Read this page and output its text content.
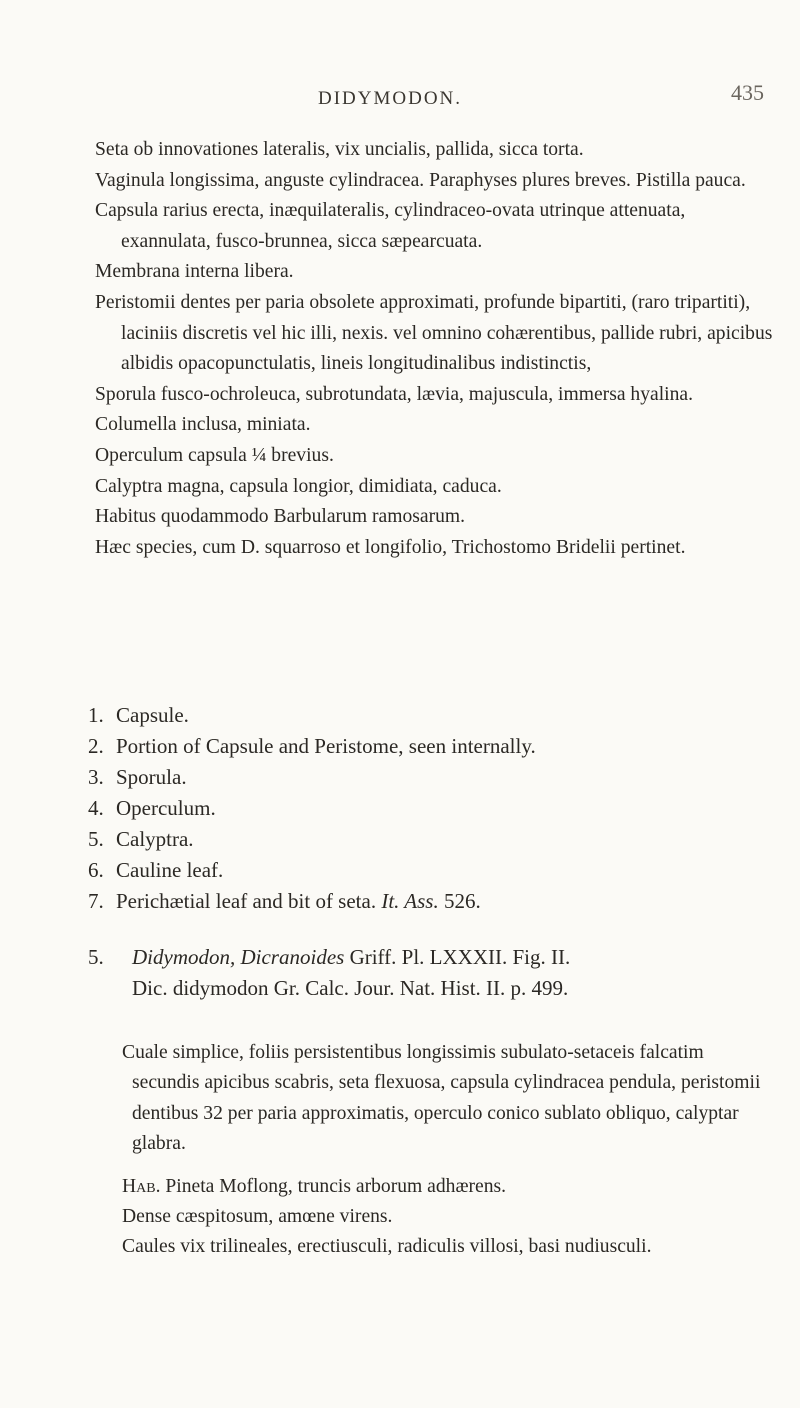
DIDYMODON.	435

Seta ob innovationes lateralis, vix uncialis, pallida, sicca torta.

Vaginula longissima, anguste cylindracea. Paraphyses plures breves. Pistilla pauca.

Capsula rarius erecta, inæquilateralis, cylindraceo-ovata utrinque attenuata, exannulata, fusco-brunnea, sicca sæpearcuata.

Membrana interna libera.

Peristomii dentes per paria obsolete approximati, profunde bipartiti, (raro tripartiti), laciniis discretis vel hic illi, nexis. vel omnino cohærentibus, pallide rubri, apicibus albidis opacopunctulatis, lineis longitudinalibus indistinctis,

Sporula fusco-ochroleuca, subrotundata, lævia, majuscula, immersa hyalina.

Columella inclusa, miniata.

Operculum capsula ¼ brevius.

Calyptra magna, capsula longior, dimidiata, caduca.

Habitus quodammodo Barbularum ramosarum.

Hæc species, cum D. squarroso et longifolio, Trichostomo Bridelii pertinet.

1. Capsule.
2. Portion of Capsule and Peristome, seen internally.
3. Sporula.
4. Operculum.
5. Calyptra.
6. Cauline leaf.
7. Perichætial leaf and bit of seta. It. Ass. 526.
5.	Didymodon, Dicranoides Griff. Pl. LXXXII. Fig. II.
Dic. didymodon Gr. Calc. Jour. Nat. Hist. II. p. 499.

Cuale simplice, foliis persistentibus longissimis subulato-setaceis falcatim secundis apicibus scabris, seta flexuosa, capsula cylindracea pendula, peristomii dentibus 32 per paria approximatis, operculo conico sublato obliquo, calyptar glabra.

Hab. Pineta Moflong, truncis arborum adhærens.

Dense cæspitosum, amœne virens.

Caules vix trilineales, erectiusculi, radiculis villosi, basi nudiusculi.
